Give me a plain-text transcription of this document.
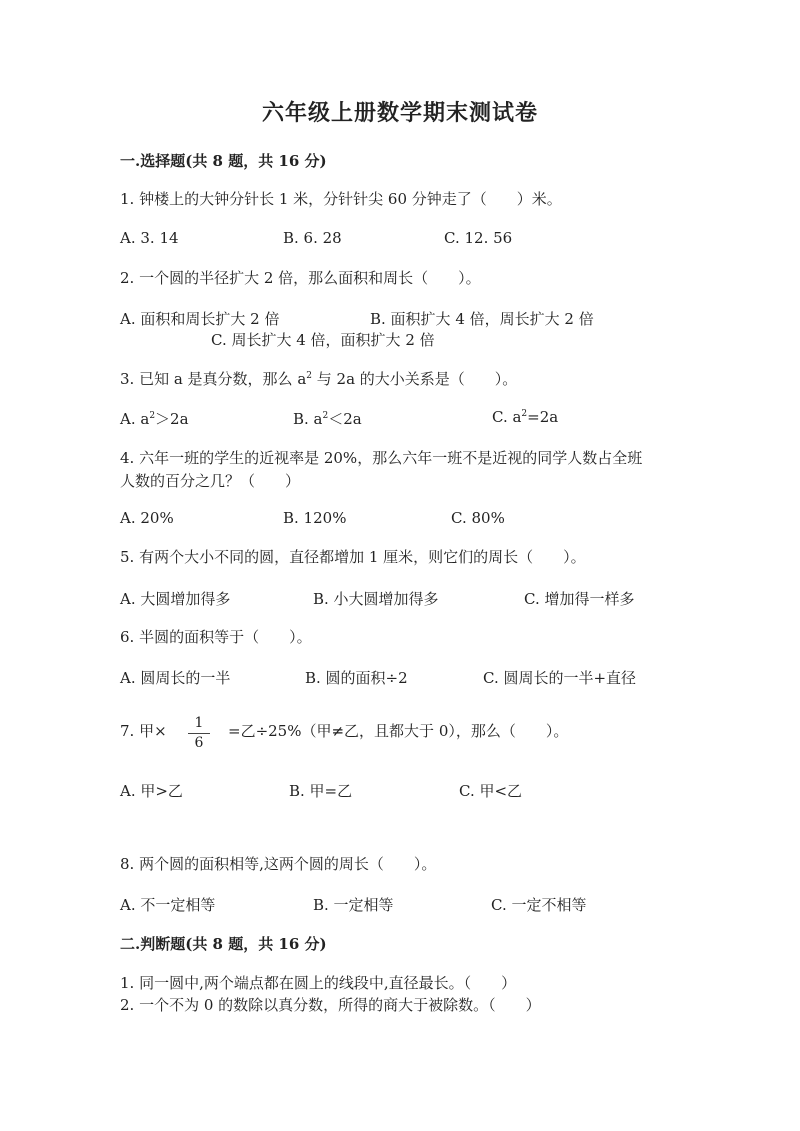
六年级上册数学期末测试卷
一.选择题(共 8 题，共 16 分)
1. 钟楼上的大钟分针长 1 米，分针针尖 60 分钟走了（　　）米。
A. 3. 14	B. 6. 28	C. 12. 56
2. 一个圆的半径扩大 2 倍，那么面积和周长（　　）。
A. 面积和周长扩大 2 倍	B. 面积扩大 4 倍，周长扩大 2 倍
C. 周长扩大 4 倍，面积扩大 2 倍
3. 已知 a 是真分数，那么 $a^2$ 与 2a 的大小关系是（　　）。
A. $a^2>2a$	B. $a^2<2a$	C. $a^2=2a$
4. 六年一班的学生的近视率是 20%，那么六年一班不是近视的同学人数占全班
人数的百分之几？（　　）
A. 20%	B. 120%	C. 80%
5. 有两个大小不同的圆，直径都增加 1 厘米，则它们的周长（　　）。
A. 大圆增加得多	B. 小大圆增加得多	C. 增加得一样多
6. 半圆的面积等于（　　）。
A. 圆周长的一半	B. 圆的面积÷2	C. 圆周长的一半+直径
7. 甲×	1
6
=乙÷25%（甲≠乙，且都大于 0），那么（　　）。
A. 甲>乙	B. 甲=乙	C. 甲<乙
8. 两个圆的面积相等,这两个圆的周长（　　）。
A. 不一定相等	B. 一定相等	C. 一定不相等
二.判断题(共 8 题，共 16 分)
1. 同一圆中,两个端点都在圆上的线段中,直径最长。（　　）
2. 一个不为 0 的数除以真分数，所得的商大于被除数。（　　）
